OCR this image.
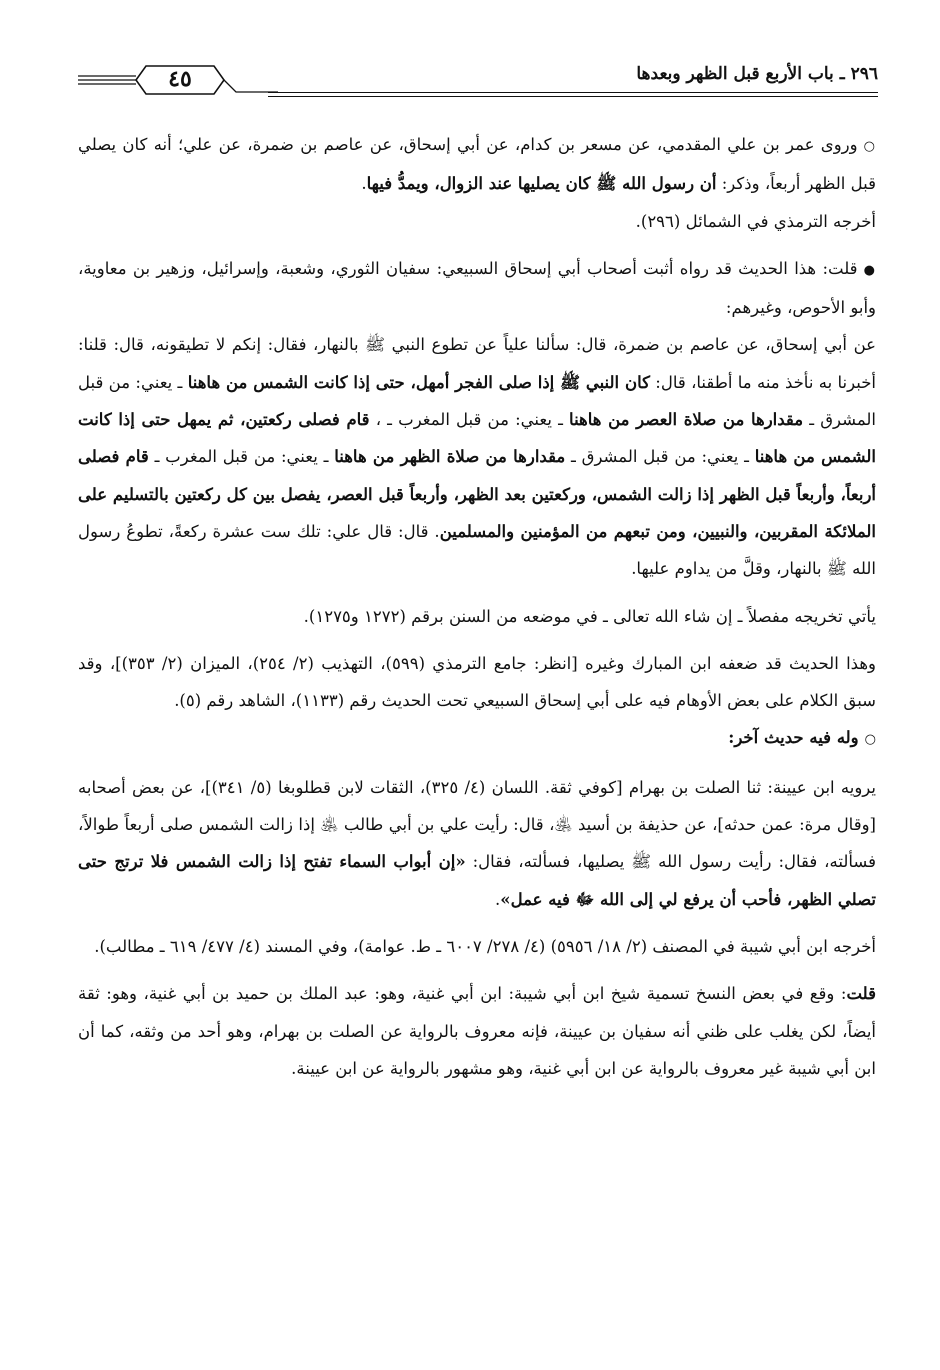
٢٩٦ ـ باب الأربع قبل الظهر وبعدها
٤٥

○وروى عمر بن علي المقدمي، عن مسعر بن كدام، عن أبي إسحاق، عن عاصم بن ضمرة، عن علي؛ أنه كان يصلي قبل الظهر أربعاً، وذكر: أن رسول الله ﷺ كان يصليها عند الزوال، ويمدُّ فيها.

أخرجه الترمذي في الشمائل (٢٩٦).

●قلت: هذا الحديث قد رواه أثبت أصحاب أبي إسحاق السبيعي: سفيان الثوري، وشعبة، وإسرائيل، وزهير بن معاوية، وأبو الأحوص، وغيرهم:

عن أبي إسحاق، عن عاصم بن ضمرة، قال: سألنا علياً عن تطوع النبي ﷺ بالنهار، فقال: إنكم لا تطيقونه، قال: قلنا: أخبرنا به نأخذ منه ما أطقنا، قال: كان النبي ﷺ إذا صلى الفجر أمهل، حتى إذا كانت الشمس من هاهنا ـ يعني: من قبل المشرق ـ مقدارها من صلاة العصر من هاهنا ـ يعني: من قبل المغرب ـ ، قام فصلى ركعتين، ثم يمهل حتى إذا كانت الشمس من هاهنا ـ يعني: من قبل المشرق ـ مقدارها من صلاة الظهر من هاهنا ـ يعني: من قبل المغرب ـ قام فصلى أربعاً، وأربعاً قبل الظهر إذا زالت الشمس، وركعتين بعد الظهر، وأربعاً قبل العصر، يفصل بين كل ركعتين بالتسليم على الملائكة المقربين، والنبيين، ومن تبعهم من المؤمنين والمسلمين. قال: قال علي: تلك ست عشرة ركعةً، تطوعُ رسول الله ﷺ بالنهار، وقلَّ من يداوم عليها.

يأتي تخريجه مفصلاً ـ إن شاء الله تعالى ـ في موضعه من السنن برقم (١٢٧٢ و١٢٧٥).

وهذا الحديث قد ضعفه ابن المبارك وغيره [انظر: جامع الترمذي (٥٩٩)، التهذيب (٢/ ٢٥٤)، الميزان (٢/ ٣٥٣)]، وقد سبق الكلام على بعض الأوهام فيه على أبي إسحاق السبيعي تحت الحديث رقم (١١٣٣)، الشاهد رقم (٥).

○وله فيه حديث آخر:

يرويه ابن عيينة: ثنا الصلت بن بهرام [كوفي ثقة. اللسان (٤/ ٣٢٥)، الثقات لابن قطلوبغا (٥/ ٣٤١)]، عن بعض أصحابه [وقال مرة: عمن حدثه]، عن حذيفة بن أسيد ﵁، قال: رأيت علي بن أبي طالب ﵁ إذا زالت الشمس صلى أربعاً طوالاً، فسألته، فقال: رأيت رسول الله ﷺ يصليها، فسألته، فقال: «إن أبواب السماء تفتح إذا زالت الشمس فلا ترتج حتى تصلي الظهر، فأحب أن يرفع لي إلى الله ﷻ فيه عمل».

أخرجه ابن أبي شيبة في المصنف (٢/ ١٨/ ٥٩٥٦) (٤/ ٢٧٨/ ٦٠٠٧ ـ ط. عوامة)، وفي المسند (٤/ ٤٧٧/ ٦١٩ ـ مطالب).

قلت: وقع في بعض النسخ تسمية شيخ ابن أبي شيبة: ابن أبي غنية، وهو: عبد الملك بن حميد بن أبي غنية، وهو: ثقة أيضاً، لكن يغلب على ظني أنه سفيان بن عيينة، فإنه معروف بالرواية عن الصلت بن بهرام، وهو أحد من وثقه، كما أن ابن أبي شيبة غير معروف بالرواية عن ابن أبي غنية، وهو مشهور بالرواية عن ابن عيينة.
